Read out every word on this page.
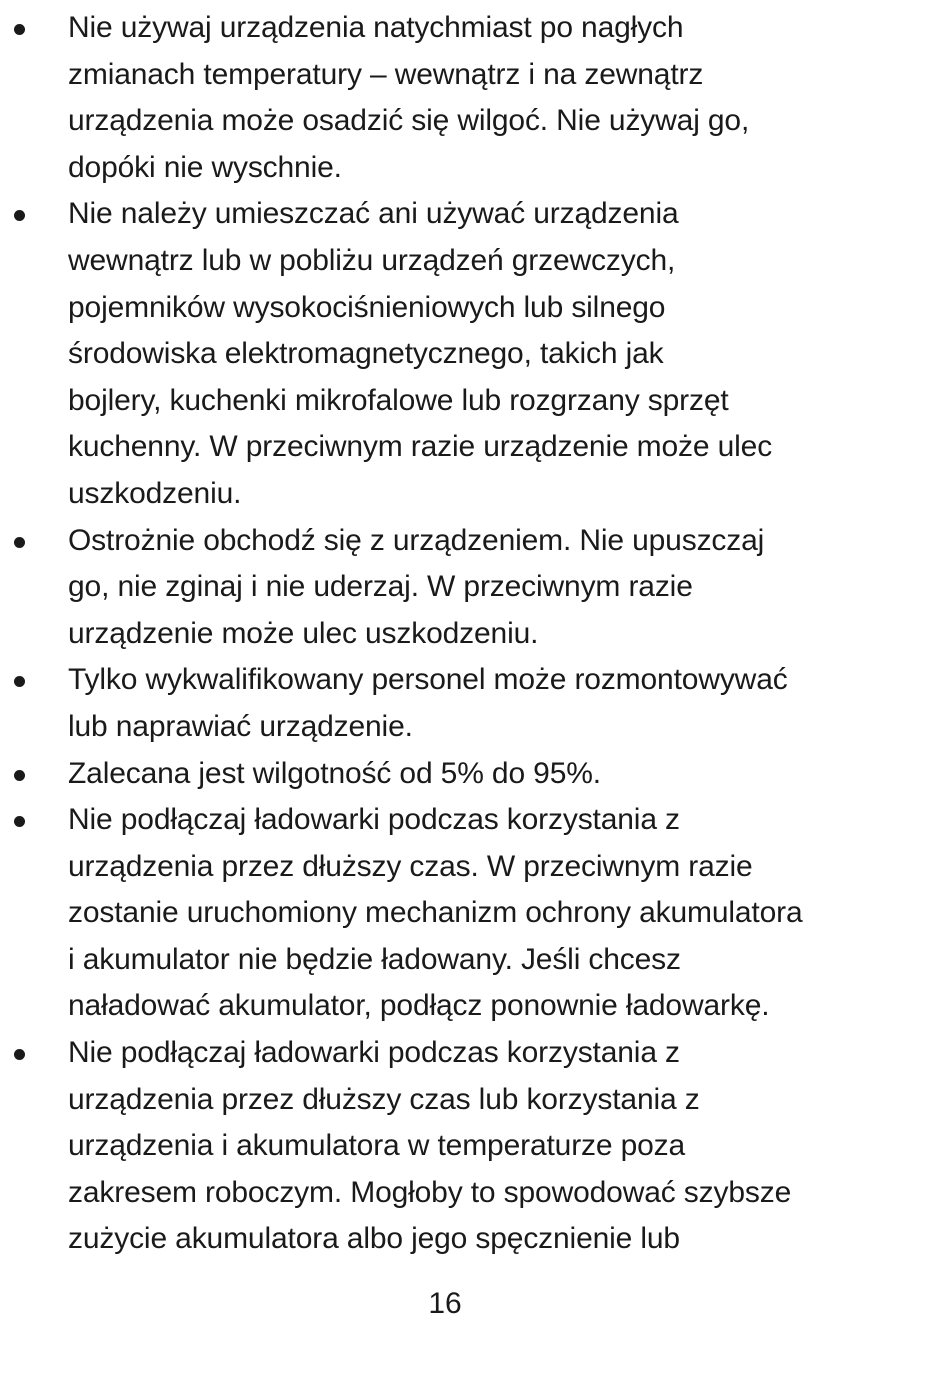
Nie używaj urządzenia natychmiast po nagłych
zmianach temperatury – wewnątrz i na zewnątrz
urządzenia może osadzić się wilgoć. Nie używaj go,
dopóki nie wyschnie.
Nie należy umieszczać ani używać urządzenia
wewnątrz lub w pobliżu urządzeń grzewczych,
pojemników wysokociśnieniowych lub silnego
środowiska elektromagnetycznego, takich jak
bojlery, kuchenki mikrofalowe lub rozgrzany sprzęt
kuchenny. W przeciwnym razie urządzenie może ulec
uszkodzeniu.
Ostrożnie obchodź się z urządzeniem. Nie upuszczaj
go, nie zginaj i nie uderzaj. W przeciwnym razie
urządzenie może ulec uszkodzeniu.
Tylko wykwalifikowany personel może rozmontowywać
lub naprawiać urządzenie.
Zalecana jest wilgotność od 5% do 95%.
Nie podłączaj ładowarki podczas korzystania z
urządzenia przez dłuższy czas. W przeciwnym razie
zostanie uruchomiony mechanizm ochrony akumulatora
i akumulator nie będzie ładowany. Jeśli chcesz
naładować akumulator, podłącz ponownie ładowarkę.
Nie podłączaj ładowarki podczas korzystania z
urządzenia przez dłuższy czas lub korzystania z
urządzenia i akumulatora w temperaturze poza
zakresem roboczym. Mogłoby to spowodować szybsze
zużycie akumulatora albo jego spęcznienie lub
16
